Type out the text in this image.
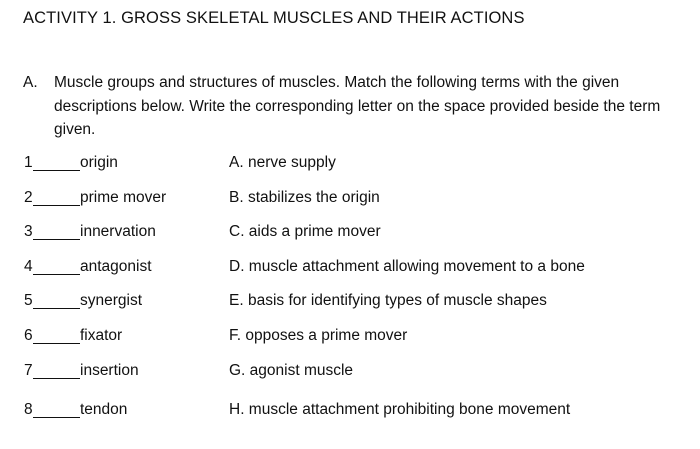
ACTIVITY 1. GROSS SKELETAL MUSCLES AND THEIR ACTIONS
A. Muscle groups and structures of muscles. Match the following terms with the given descriptions below. Write the corresponding letter on the space provided beside the term given.
1	origin	A. nerve supply
2	prime mover	B. stabilizes the origin
3	innervation	C. aids a prime mover
4	antagonist	D. muscle attachment allowing movement to a bone
5	synergist	E. basis for identifying types of muscle shapes
6	fixator	F. opposes a prime mover
7	insertion	G. agonist muscle
8	tendon	H. muscle attachment prohibiting bone movement
